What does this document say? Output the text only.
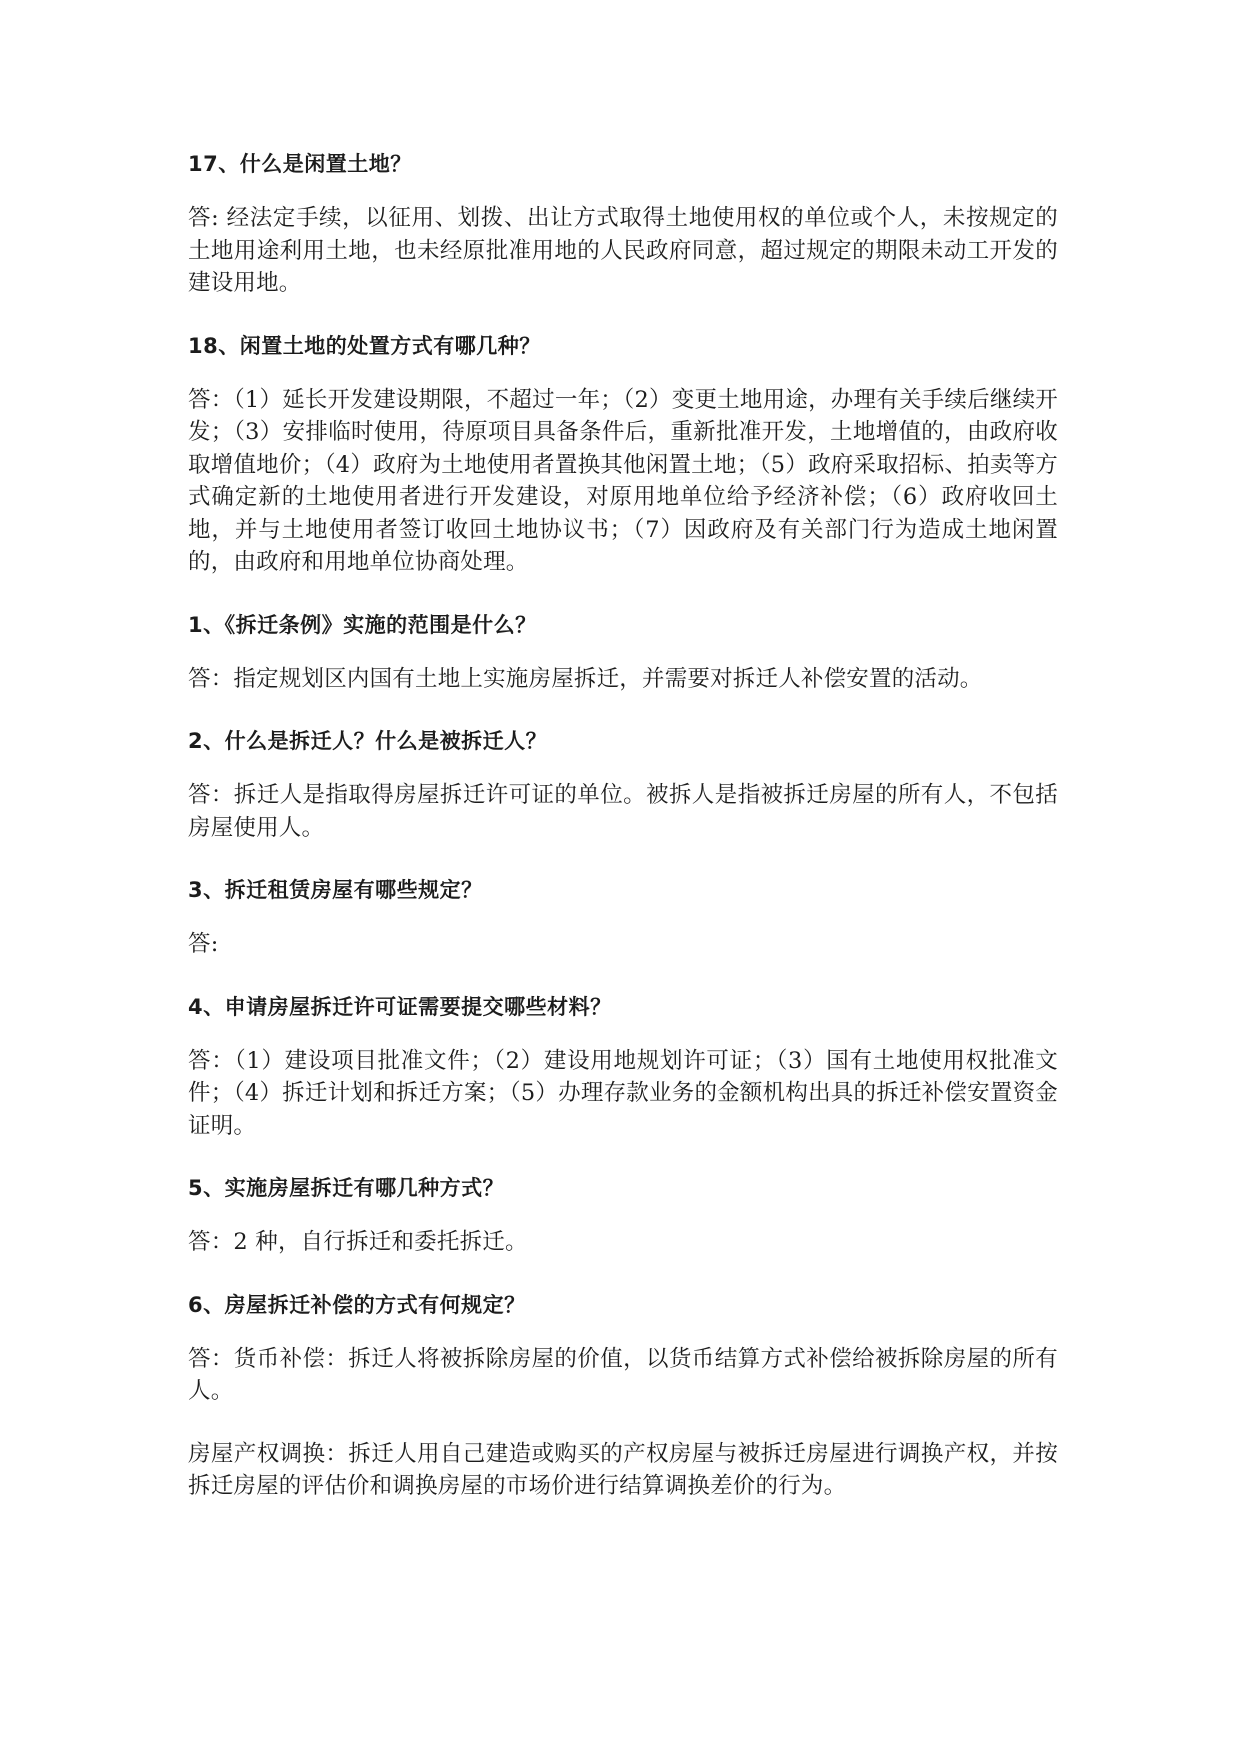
17、什么是闲置土地？
答: 经法定手续，以征用、划拨、出让方式取得土地使用权的单位或个人，未按规定的土地用途利用土地，也未经原批准用地的人民政府同意，超过规定的期限未动工开发的建设用地。
18、闲置土地的处置方式有哪几种？
答：（1）延长开发建设期限，不超过一年；（2）变更土地用途，办理有关手续后继续开发；（3）安排临时使用，待原项目具备条件后，重新批准开发，土地增值的，由政府收取增值地价；（4）政府为土地使用者置换其他闲置土地；（5）政府采取招标、拍卖等方式确定新的土地使用者进行开发建设，对原用地单位给予经济补偿；（6）政府收回土地，并与土地使用者签订收回土地协议书；（7）因政府及有关部门行为造成土地闲置的，由政府和用地单位协商处理。
1、《拆迁条例》实施的范围是什么？
答：指定规划区内国有土地上实施房屋拆迁，并需要对拆迁人补偿安置的活动。
2、什么是拆迁人？什么是被拆迁人？
答：拆迁人是指取得房屋拆迁许可证的单位。被拆人是指被拆迁房屋的所有人，不包括房屋使用人。
3、拆迁租赁房屋有哪些规定？
答:
4、申请房屋拆迁许可证需要提交哪些材料？
答：（1）建设项目批准文件；（2）建设用地规划许可证；（3）国有土地使用权批准文件；（4）拆迁计划和拆迁方案；（5）办理存款业务的金额机构出具的拆迁补偿安置资金证明。
5、实施房屋拆迁有哪几种方式？
答：2 种，自行拆迁和委托拆迁。
6、房屋拆迁补偿的方式有何规定？
答：货币补偿：拆迁人将被拆除房屋的价值，以货币结算方式补偿给被拆除房屋的所有人。
房屋产权调换：拆迁人用自己建造或购买的产权房屋与被拆迁房屋进行调换产权，并按拆迁房屋的评估价和调换房屋的市场价进行结算调换差价的行为。
